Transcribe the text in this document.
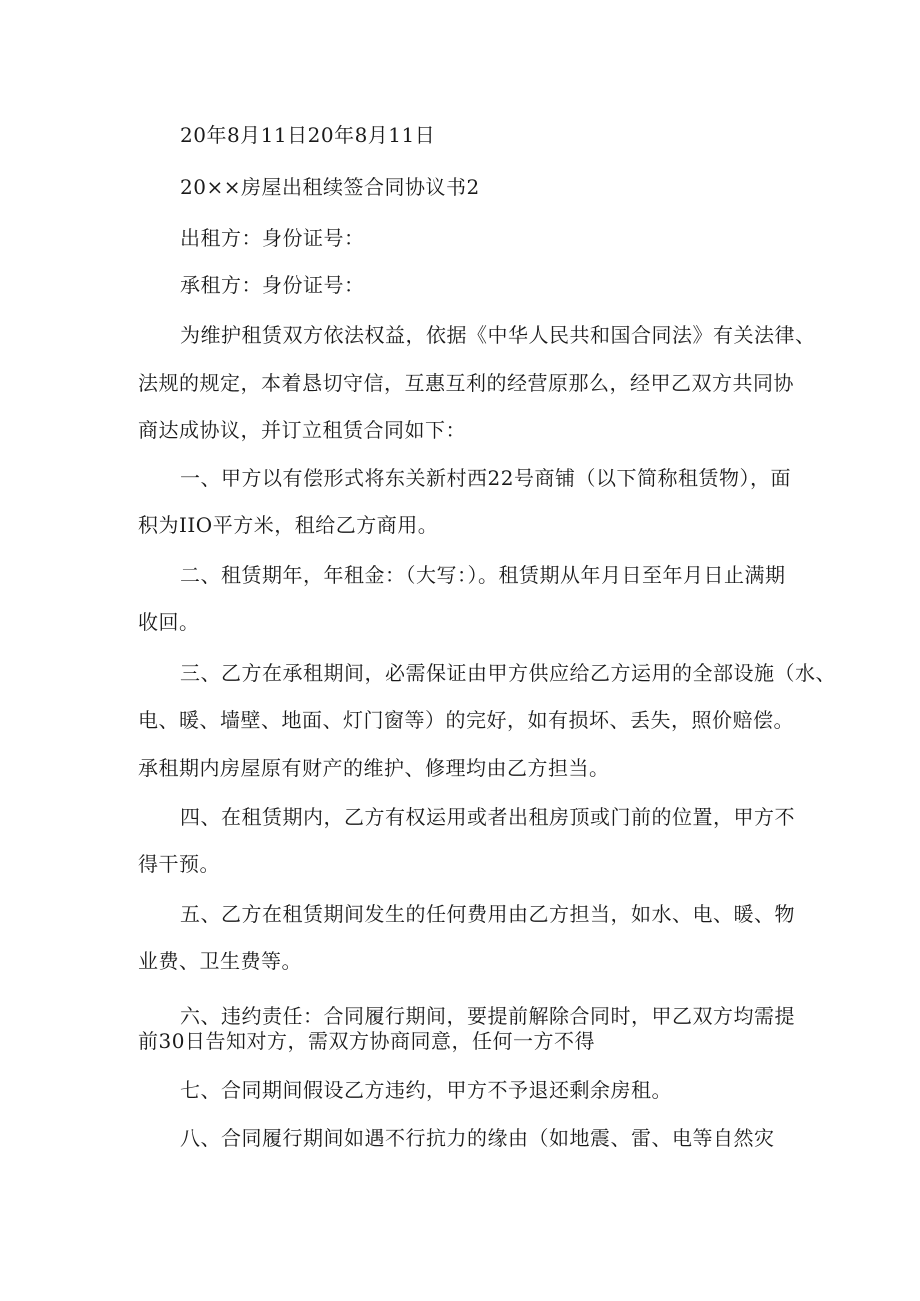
20年8月11日20年8月11日
20××房屋出租续签合同协议书2
出租方：身份证号：
承租方：身份证号：
为维护租赁双方依法权益，依据《中华人民共和国合同法》有关法律、
法规的规定，本着恳切守信，互惠互利的经营原那么，经甲乙双方共同协
商达成协议，并订立租赁合同如下：
一、甲方以有偿形式将东关新村西22号商铺（以下简称租赁物），面
积为IIO平方米，租给乙方商用。
二、租赁期年，年租金：（大写：）。租赁期从年月日至年月日止满期
收回。
三、乙方在承租期间，必需保证由甲方供应给乙方运用的全部设施（水、
电、暖、墙壁、地面、灯门窗等）的完好，如有损坏、丢失，照价赔偿。
承租期内房屋原有财产的维护、修理均由乙方担当。
四、在租赁期内，乙方有权运用或者出租房顶或门前的位置，甲方不
得干预。
五、乙方在租赁期间发生的任何费用由乙方担当，如水、电、暖、物
业费、卫生费等。
六、违约责任：合同履行期间，要提前解除合同时，甲乙双方均需提
前30日告知对方，需双方协商同意，任何一方不得
七、合同期间假设乙方违约，甲方不予退还剩余房租。
八、合同履行期间如遇不行抗力的缘由（如地震、雷、电等自然灾
